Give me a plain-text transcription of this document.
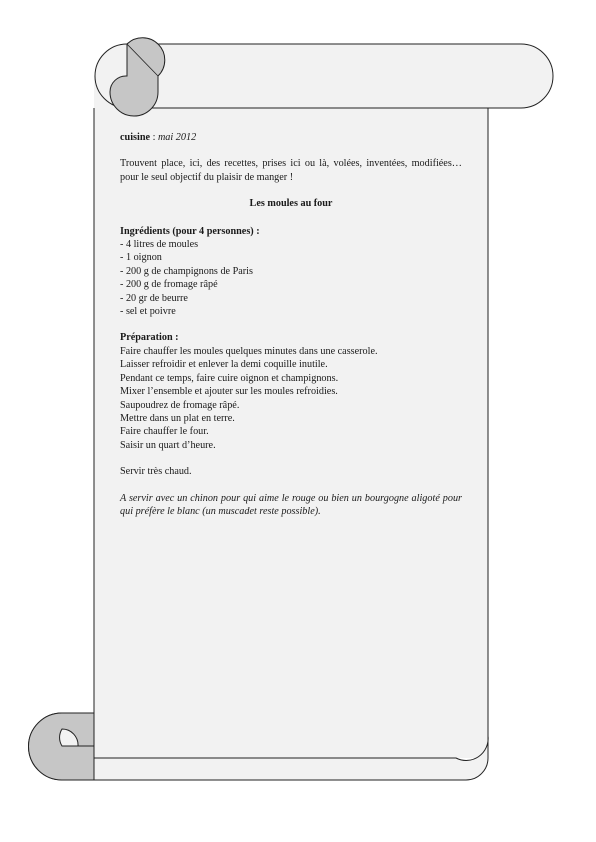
cuisine : mai 2012

Trouvent place, ici, des recettes, prises ici ou là, volées, inventées, modifiées… pour le seul objectif du plaisir de manger !

Les moules au four

Ingrédients (pour 4 personnes) :

- 4 litres de moules
- 1 oignon
- 200 g de champignons de Paris
- 200 g de fromage râpé
- 20 gr de beurre
- sel et poivre

Préparation :

Faire chauffer les moules quelques minutes dans une casserole.
Laisser refroidir et enlever la demi coquille inutile.
Pendant ce temps, faire cuire oignon et champignons.
Mixer l’ensemble et ajouter sur les moules refroidies.
Saupoudrez de fromage râpé.
Mettre dans un plat en terre.
Faire chauffer le four.
Saisir un quart d’heure.

Servir très chaud.

A servir avec un chinon pour qui aime le rouge ou bien un bourgogne aligoté pour qui préfère le blanc (un muscadet reste possible).
